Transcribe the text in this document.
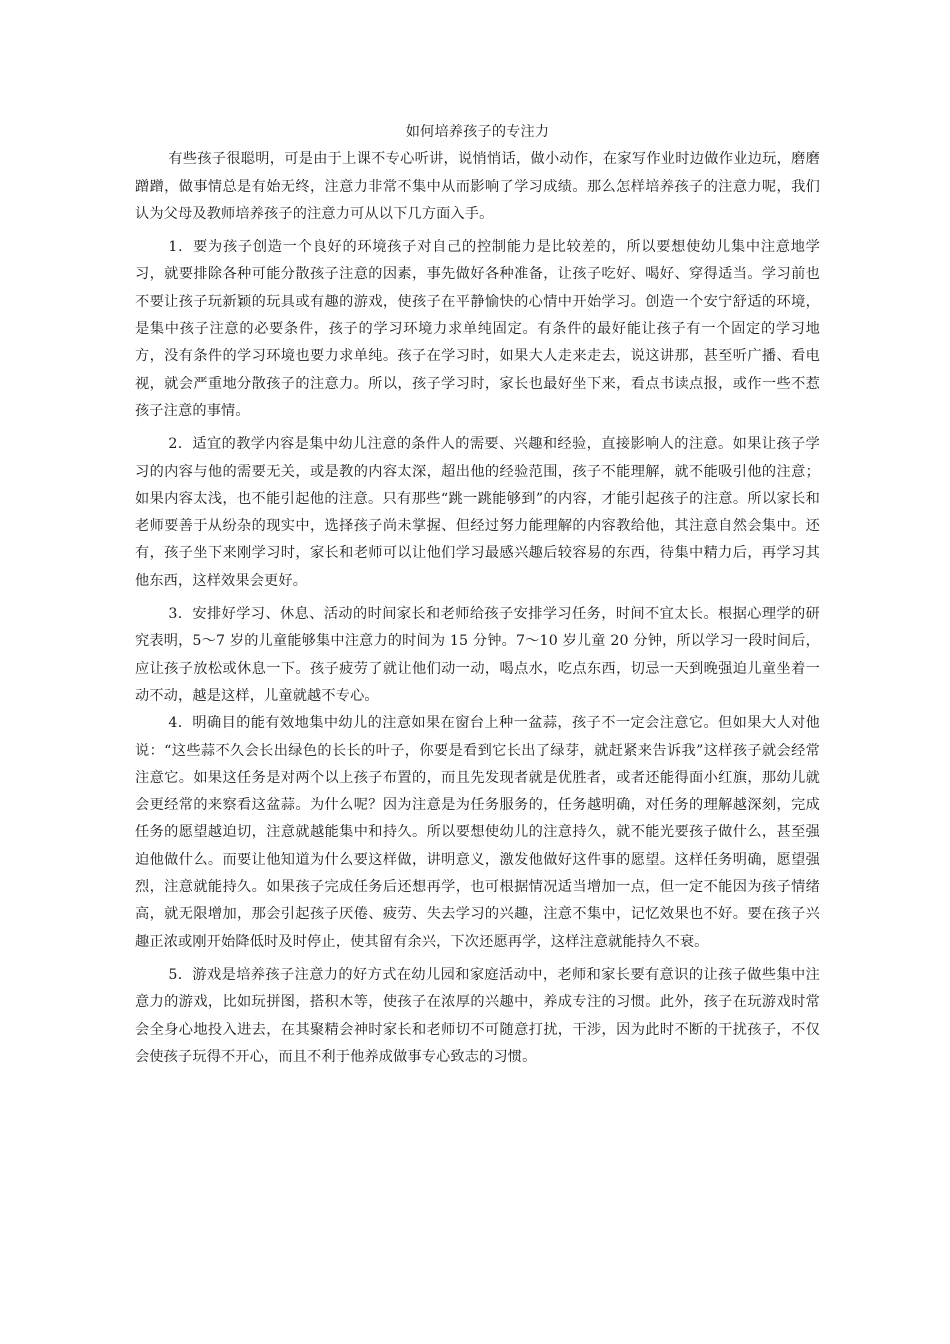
如何培养孩子的专注力

有些孩子很聪明，可是由于上课不专心听讲，说悄悄话，做小动作，在家写作业时边做作业边玩，磨磨蹭蹭，做事情总是有始无终，注意力非常不集中从而影响了学习成绩。那么怎样培养孩子的注意力呢，我们认为父母及教师培养孩子的注意力可从以下几方面入手。

1．要为孩子创造一个良好的环境孩子对自己的控制能力是比较差的，所以要想使幼儿集中注意地学习，就要排除各种可能分散孩子注意的因素，事先做好各种准备，让孩子吃好、喝好、穿得适当。学习前也不要让孩子玩新颖的玩具或有趣的游戏，使孩子在平静愉快的心情中开始学习。创造一个安宁舒适的环境，是集中孩子注意的必要条件，孩子的学习环境力求单纯固定。有条件的最好能让孩子有一个固定的学习地方，没有条件的学习环境也要力求单纯。孩子在学习时，如果大人走来走去，说这讲那，甚至听广播、看电视，就会严重地分散孩子的注意力。所以，孩子学习时，家长也最好坐下来，看点书读点报，或作一些不惹孩子注意的事情。

2．适宜的教学内容是集中幼儿注意的条件人的需要、兴趣和经验，直接影响人的注意。如果让孩子学习的内容与他的需要无关，或是教的内容太深，超出他的经验范围，孩子不能理解，就不能吸引他的注意；如果内容太浅，也不能引起他的注意。只有那些“跳一跳能够到”的内容，才能引起孩子的注意。所以家长和老师要善于从纷杂的现实中，选择孩子尚未掌握、但经过努力能理解的内容教给他，其注意自然会集中。还有，孩子坐下来刚学习时，家长和老师可以让他们学习最感兴趣后较容易的东西，待集中精力后，再学习其他东西，这样效果会更好。

3．安排好学习、休息、活动的时间家长和老师给孩子安排学习任务，时间不宜太长。根据心理学的研究表明，5～7 岁的儿童能够集中注意力的时间为 15 分钟。7～10 岁儿童 20 分钟，所以学习一段时间后，应让孩子放松或休息一下。孩子疲劳了就让他们动一动，喝点水，吃点东西，切忌一天到晚强迫儿童坐着一动不动，越是这样，儿童就越不专心。

4．明确目的能有效地集中幼儿的注意如果在窗台上种一盆蒜，孩子不一定会注意它。但如果大人对他说：“这些蒜不久会长出绿色的长长的叶子，你要是看到它长出了绿芽，就赶紧来告诉我”这样孩子就会经常注意它。如果这任务是对两个以上孩子布置的，而且先发现者就是优胜者，或者还能得面小红旗，那幼儿就会更经常的来察看这盆蒜。为什么呢？因为注意是为任务服务的，任务越明确，对任务的理解越深刻，完成任务的愿望越迫切，注意就越能集中和持久。所以要想使幼儿的注意持久，就不能光要孩子做什么，甚至强迫他做什么。而要让他知道为什么要这样做，讲明意义，激发他做好这件事的愿望。这样任务明确，愿望强烈，注意就能持久。如果孩子完成任务后还想再学，也可根据情况适当增加一点，但一定不能因为孩子情绪高，就无限增加，那会引起孩子厌倦、疲劳、失去学习的兴趣，注意不集中，记忆效果也不好。要在孩子兴趣正浓或刚开始降低时及时停止，使其留有余兴，下次还愿再学，这样注意就能持久不衰。

5．游戏是培养孩子注意力的好方式在幼儿园和家庭活动中，老师和家长要有意识的让孩子做些集中注意力的游戏，比如玩拼图，搭积木等，使孩子在浓厚的兴趣中，养成专注的习惯。此外，孩子在玩游戏时常会全身心地投入进去，在其聚精会神时家长和老师切不可随意打扰，干涉，因为此时不断的干扰孩子，不仅会使孩子玩得不开心，而且不利于他养成做事专心致志的习惯。
